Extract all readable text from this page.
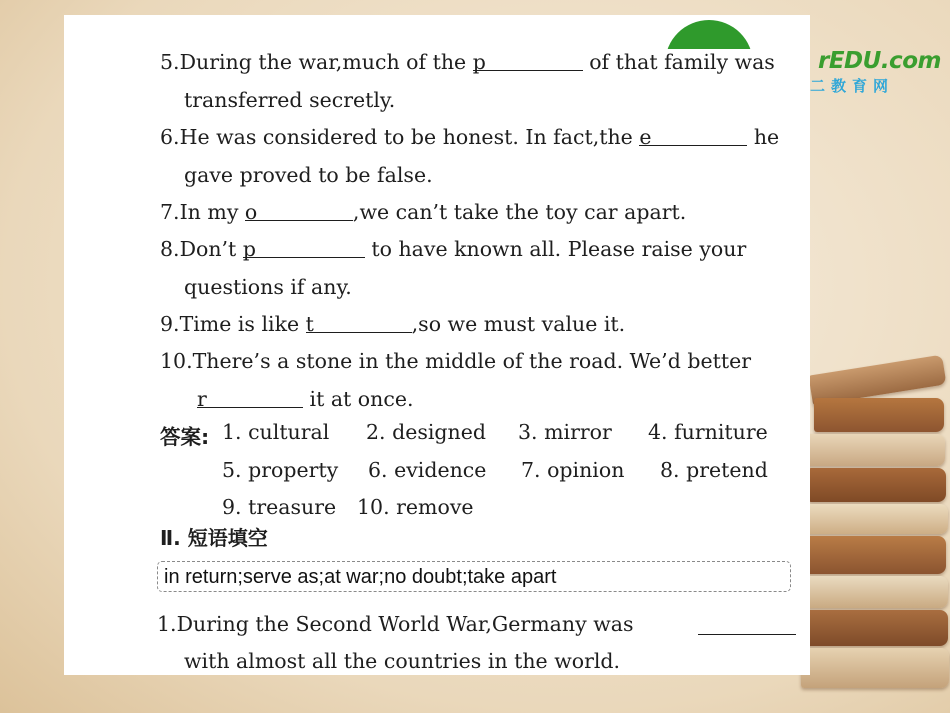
rEDU.com
二教育网
5.During the war,much of the p	of that family was
transferred secretly.
6.He was considered to be honest. In fact,the e	he
gave proved to be false.
7.In my o	,we can’t take the toy car apart.
8.Don’t p	to have known all. Please raise your
questions if any.
9.Time is like t	,so we must value it.
10.There’s a stone in the middle of the road. We’d better
r	it at once.
答案: 1. cultural 2. designed 3. mirror 4. furniture
5. property 6. evidence 7. opinion 8. pretend
9. treasure 10. remove
Ⅱ. 短语填空
in return;serve as;at war;no doubt;take apart
1.During the Second World War,Germany was
with almost all the countries in the world.
